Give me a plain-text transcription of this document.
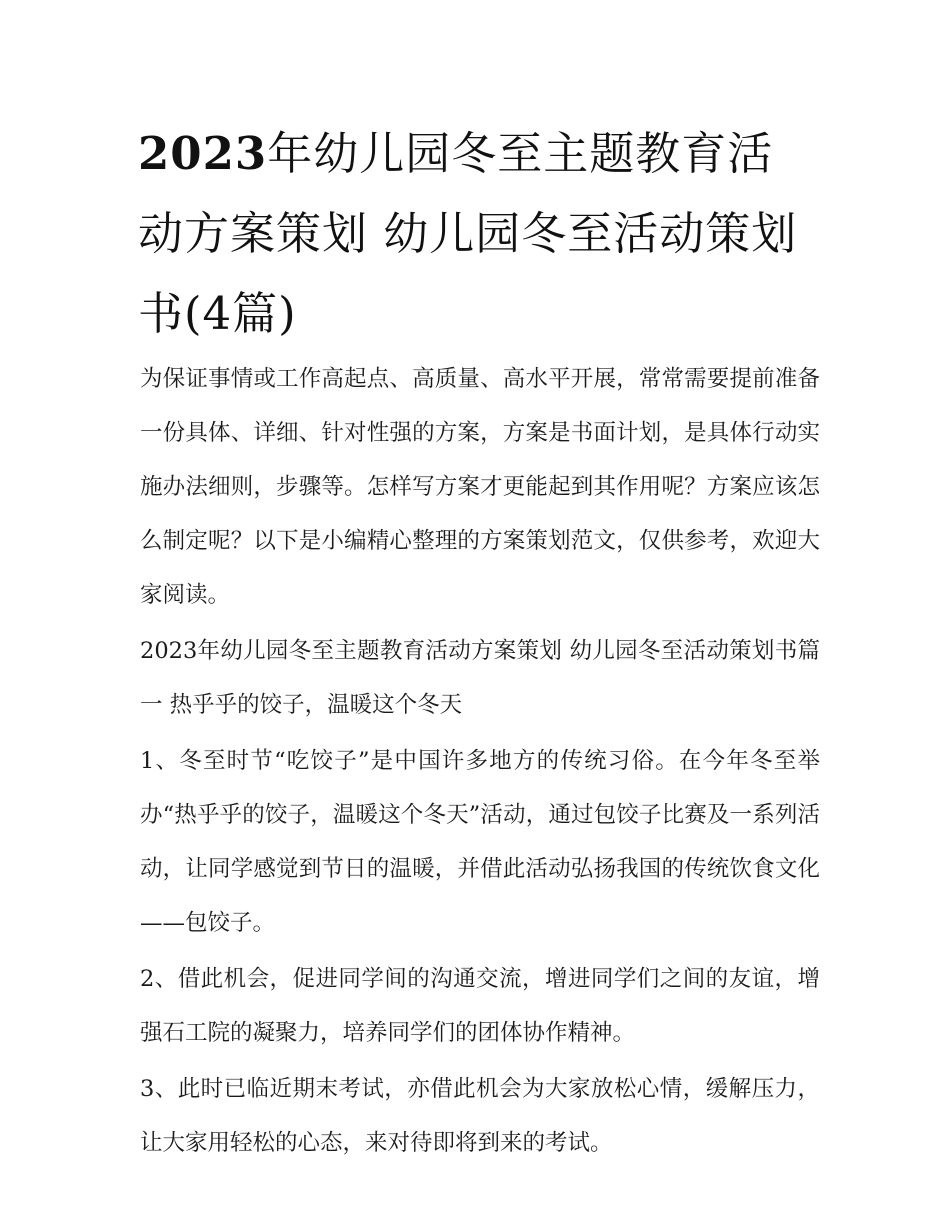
2023年幼儿园冬至主题教育活动方案策划 幼儿园冬至活动策划书(4篇)

为保证事情或工作高起点、高质量、高水平开展，常常需要提前准备一份具体、详细、针对性强的方案，方案是书面计划，是具体行动实施办法细则，步骤等。怎样写方案才更能起到其作用呢？方案应该怎么制定呢？以下是小编精心整理的方案策划范文，仅供参考，欢迎大家阅读。

2023年幼儿园冬至主题教育活动方案策划 幼儿园冬至活动策划书篇一 热乎乎的饺子，温暖这个冬天

1、冬至时节“吃饺子”是中国许多地方的传统习俗。在今年冬至举办“热乎乎的饺子，温暖这个冬天”活动，通过包饺子比赛及一系列活动，让同学感觉到节日的温暖，并借此活动弘扬我国的传统饮食文化——包饺子。

2、借此机会，促进同学间的沟通交流，增进同学们之间的友谊，增强石工院的凝聚力，培养同学们的团体协作精神。

3、此时已临近期末考试，亦借此机会为大家放松心情，缓解压力，让大家用轻松的心态，来对待即将到来的考试。
